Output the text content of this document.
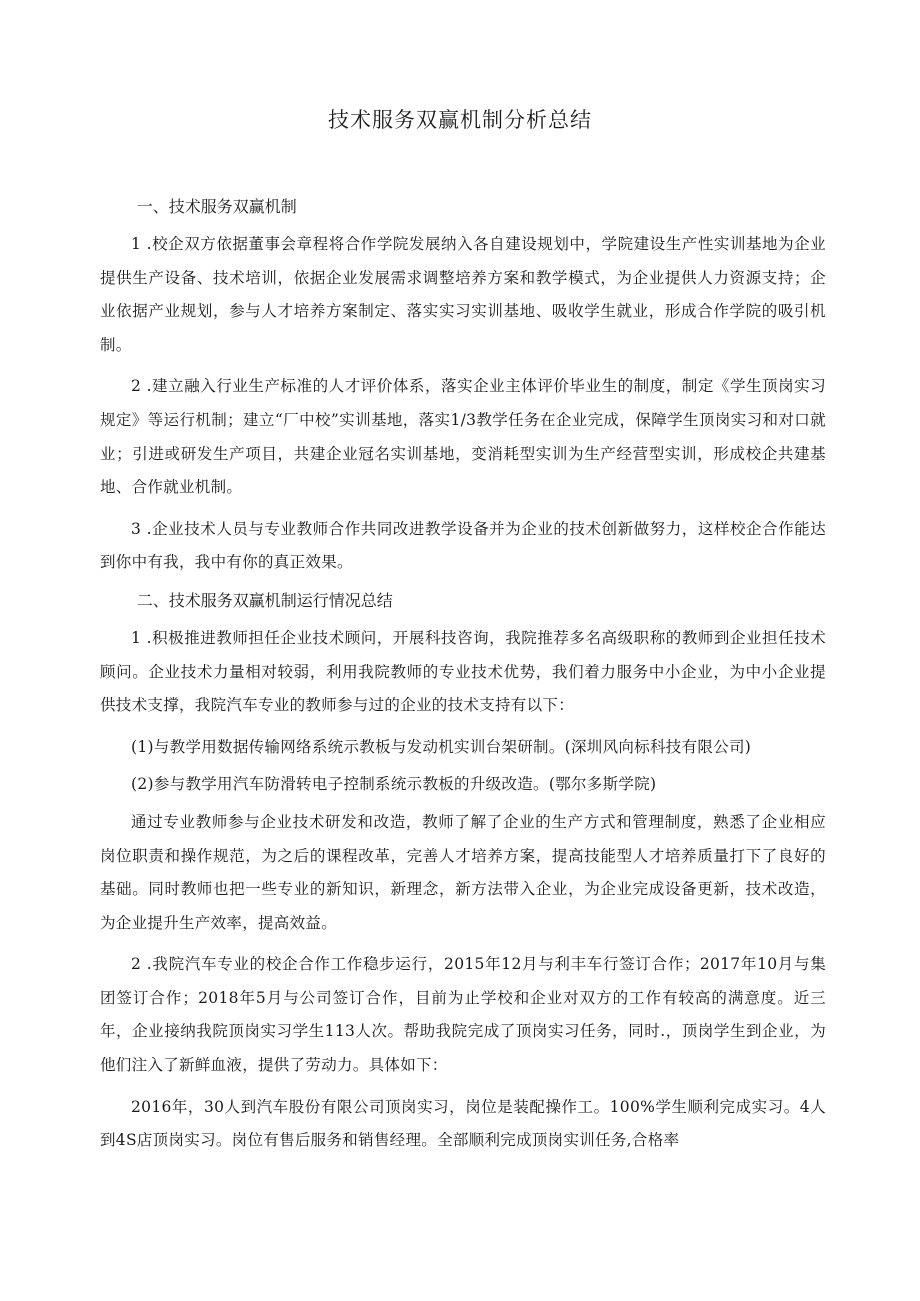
技术服务双赢机制分析总结
一、技术服务双赢机制

1 .校企双方依据董事会章程将合作学院发展纳入各自建设规划中，学院建设生产性实训基地为企业提供生产设备、技术培训，依据企业发展需求调整培养方案和教学模式，为企业提供人力资源支持；企业依据产业规划，参与人才培养方案制定、落实实习实训基地、吸收学生就业，形成合作学院的吸引机制。

2 .建立融入行业生产标准的人才评价体系，落实企业主体评价毕业生的制度，制定《学生顶岗实习规定》等运行机制；建立“厂中校”实训基地，落实1/3教学任务在企业完成，保障学生顶岗实习和对口就业；引进或研发生产项目，共建企业冠名实训基地，变消耗型实训为生产经营型实训，形成校企共建基地、合作就业机制。

3 .企业技术人员与专业教师合作共同改进教学设备并为企业的技术创新做努力，这样校企合作能达到你中有我，我中有你的真正效果。

二、技术服务双赢机制运行情况总结

1 .积极推进教师担任企业技术顾问，开展科技咨询，我院推荐多名高级职称的教师到企业担任技术顾问。企业技术力量相对较弱，利用我院教师的专业技术优势，我们着力服务中小企业，为中小企业提供技术支撑，我院汽车专业的教师参与过的企业的技术支持有以下：

(1)与教学用数据传输网络系统示教板与发动机实训台架研制。(深圳风向标科技有限公司)

(2)参与教学用汽车防滑转电子控制系统示教板的升级改造。(鄂尔多斯学院)

通过专业教师参与企业技术研发和改造，教师了解了企业的生产方式和管理制度，熟悉了企业相应岗位职责和操作规范，为之后的课程改革，完善人才培养方案，提高技能型人才培养质量打下了良好的基础。同时教师也把一些专业的新知识，新理念，新方法带入企业，为企业完成设备更新，技术改造，为企业提升生产效率，提高效益。

2 .我院汽车专业的校企合作工作稳步运行，2015年12月与利丰车行签订合作；2017年10月与集团签订合作；2018年5月与公司签订合作，目前为止学校和企业对双方的工作有较高的满意度。近三年，企业接纳我院顶岗实习学生113人次。帮助我院完成了顶岗实习任务，同时.，顶岗学生到企业，为他们注入了新鲜血液，提供了劳动力。具体如下：

2016年，30人到汽车股份有限公司顶岗实习，岗位是装配操作工。100%学生顺利完成实习。4人到4S店顶岗实习。岗位有售后服务和销售经理。全部顺利完成顶岗实训任务,合格率
